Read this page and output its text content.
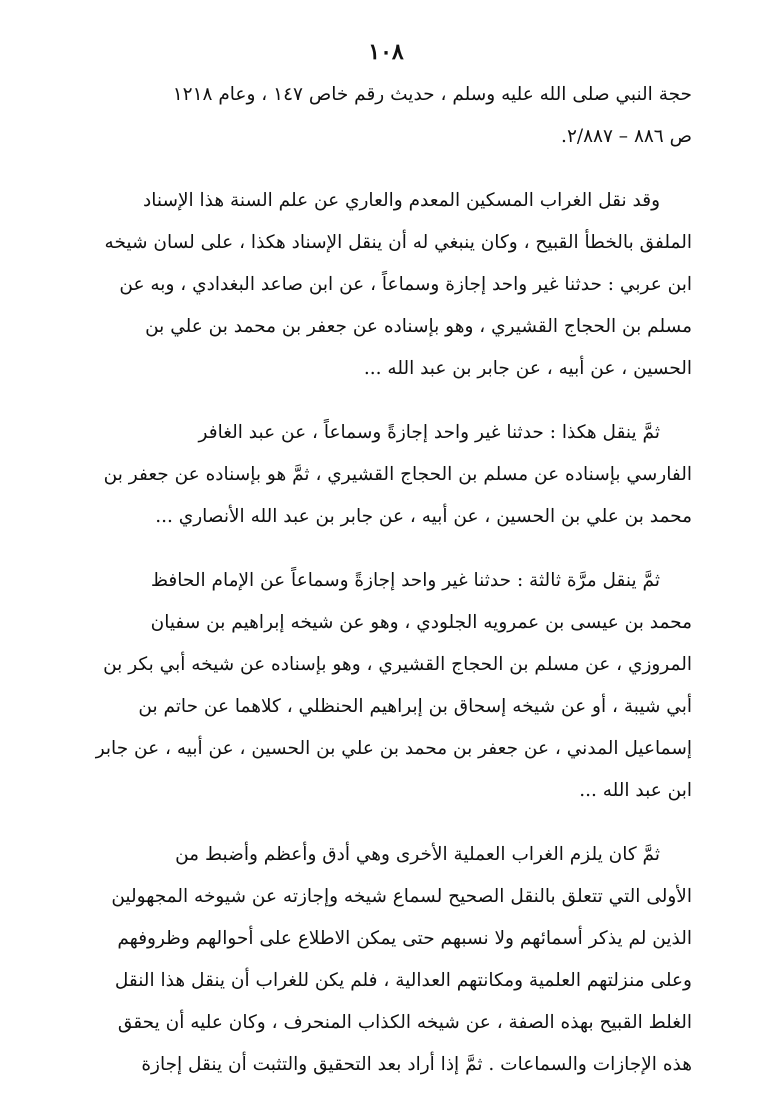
١٠٨
حجة النبي صلى الله عليه وسلم ، حديث رقم خاص ١٤٧ ، وعام ١٢١٨
ص ٨٨٦ – ٢/٨٨٧.
وقد نقل الغراب المسكين المعدم والعاري عن علم السنة هذا الإسناد
الملفق بالخطأ القبيح ، وكان ينبغي له أن ينقل الإسناد هكذا ، على لسان شيخه
ابن عربي : حدثنا غير واحد إجازة وسماعاً ، عن ابن صاعد البغدادي ، وبه عن
مسلم بن الحجاج القشيري ، وهو بإسناده عن جعفر بن محمد بن علي بن
الحسين ، عن أبيه ، عن جابر بن عبد الله ...
ثمَّ ينقل هكذا : حدثنا غير واحد إجازةً وسماعاً ، عن عبد الغافر
الفارسي بإسناده عن مسلم بن الحجاج القشيري ، ثمَّ هو بإسناده عن جعفر بن
محمد بن علي بن الحسين ، عن أبيه ، عن جابر بن عبد الله الأنصاري ...
ثمَّ ينقل مرَّة ثالثة : حدثنا غير واحد إجازةً وسماعاً عن الإمام الحافظ
محمد بن عيسى بن عمرويه الجلودي ، وهو عن شيخه إبراهيم بن سفيان
المروزي ، عن مسلم بن الحجاج القشيري ، وهو بإسناده عن شيخه أبي بكر بن
أبي شيبة ، أو عن شيخه إسحاق بن إبراهيم الحنظلي ، كلاهما عن حاتم بن
إسماعيل المدني ، عن جعفر بن محمد بن علي بن الحسين ، عن أبيه ، عن جابر
ابن عبد الله ...
ثمَّ كان يلزم الغراب العملية الأخرى وهي أدق وأعظم وأضبط من
الأولى التي تتعلق بالنقل الصحيح لسماع شيخه وإجازته عن شيوخه المجهولين
الذين لم يذكر أسمائهم ولا نسبهم حتى يمكن الاطلاع على أحوالهم وظروفهم
وعلى منزلتهم العلمية ومكانتهم العدالية ، فلم يكن للغراب أن ينقل هذا النقل
الغلط القبيح بهذه الصفة ، عن شيخه الكذاب المنحرف ، وكان عليه أن يحقق
هذه الإجازات والسماعات . ثمَّ إذا أراد بعد التحقيق والتثبت أن ينقل إجازة
